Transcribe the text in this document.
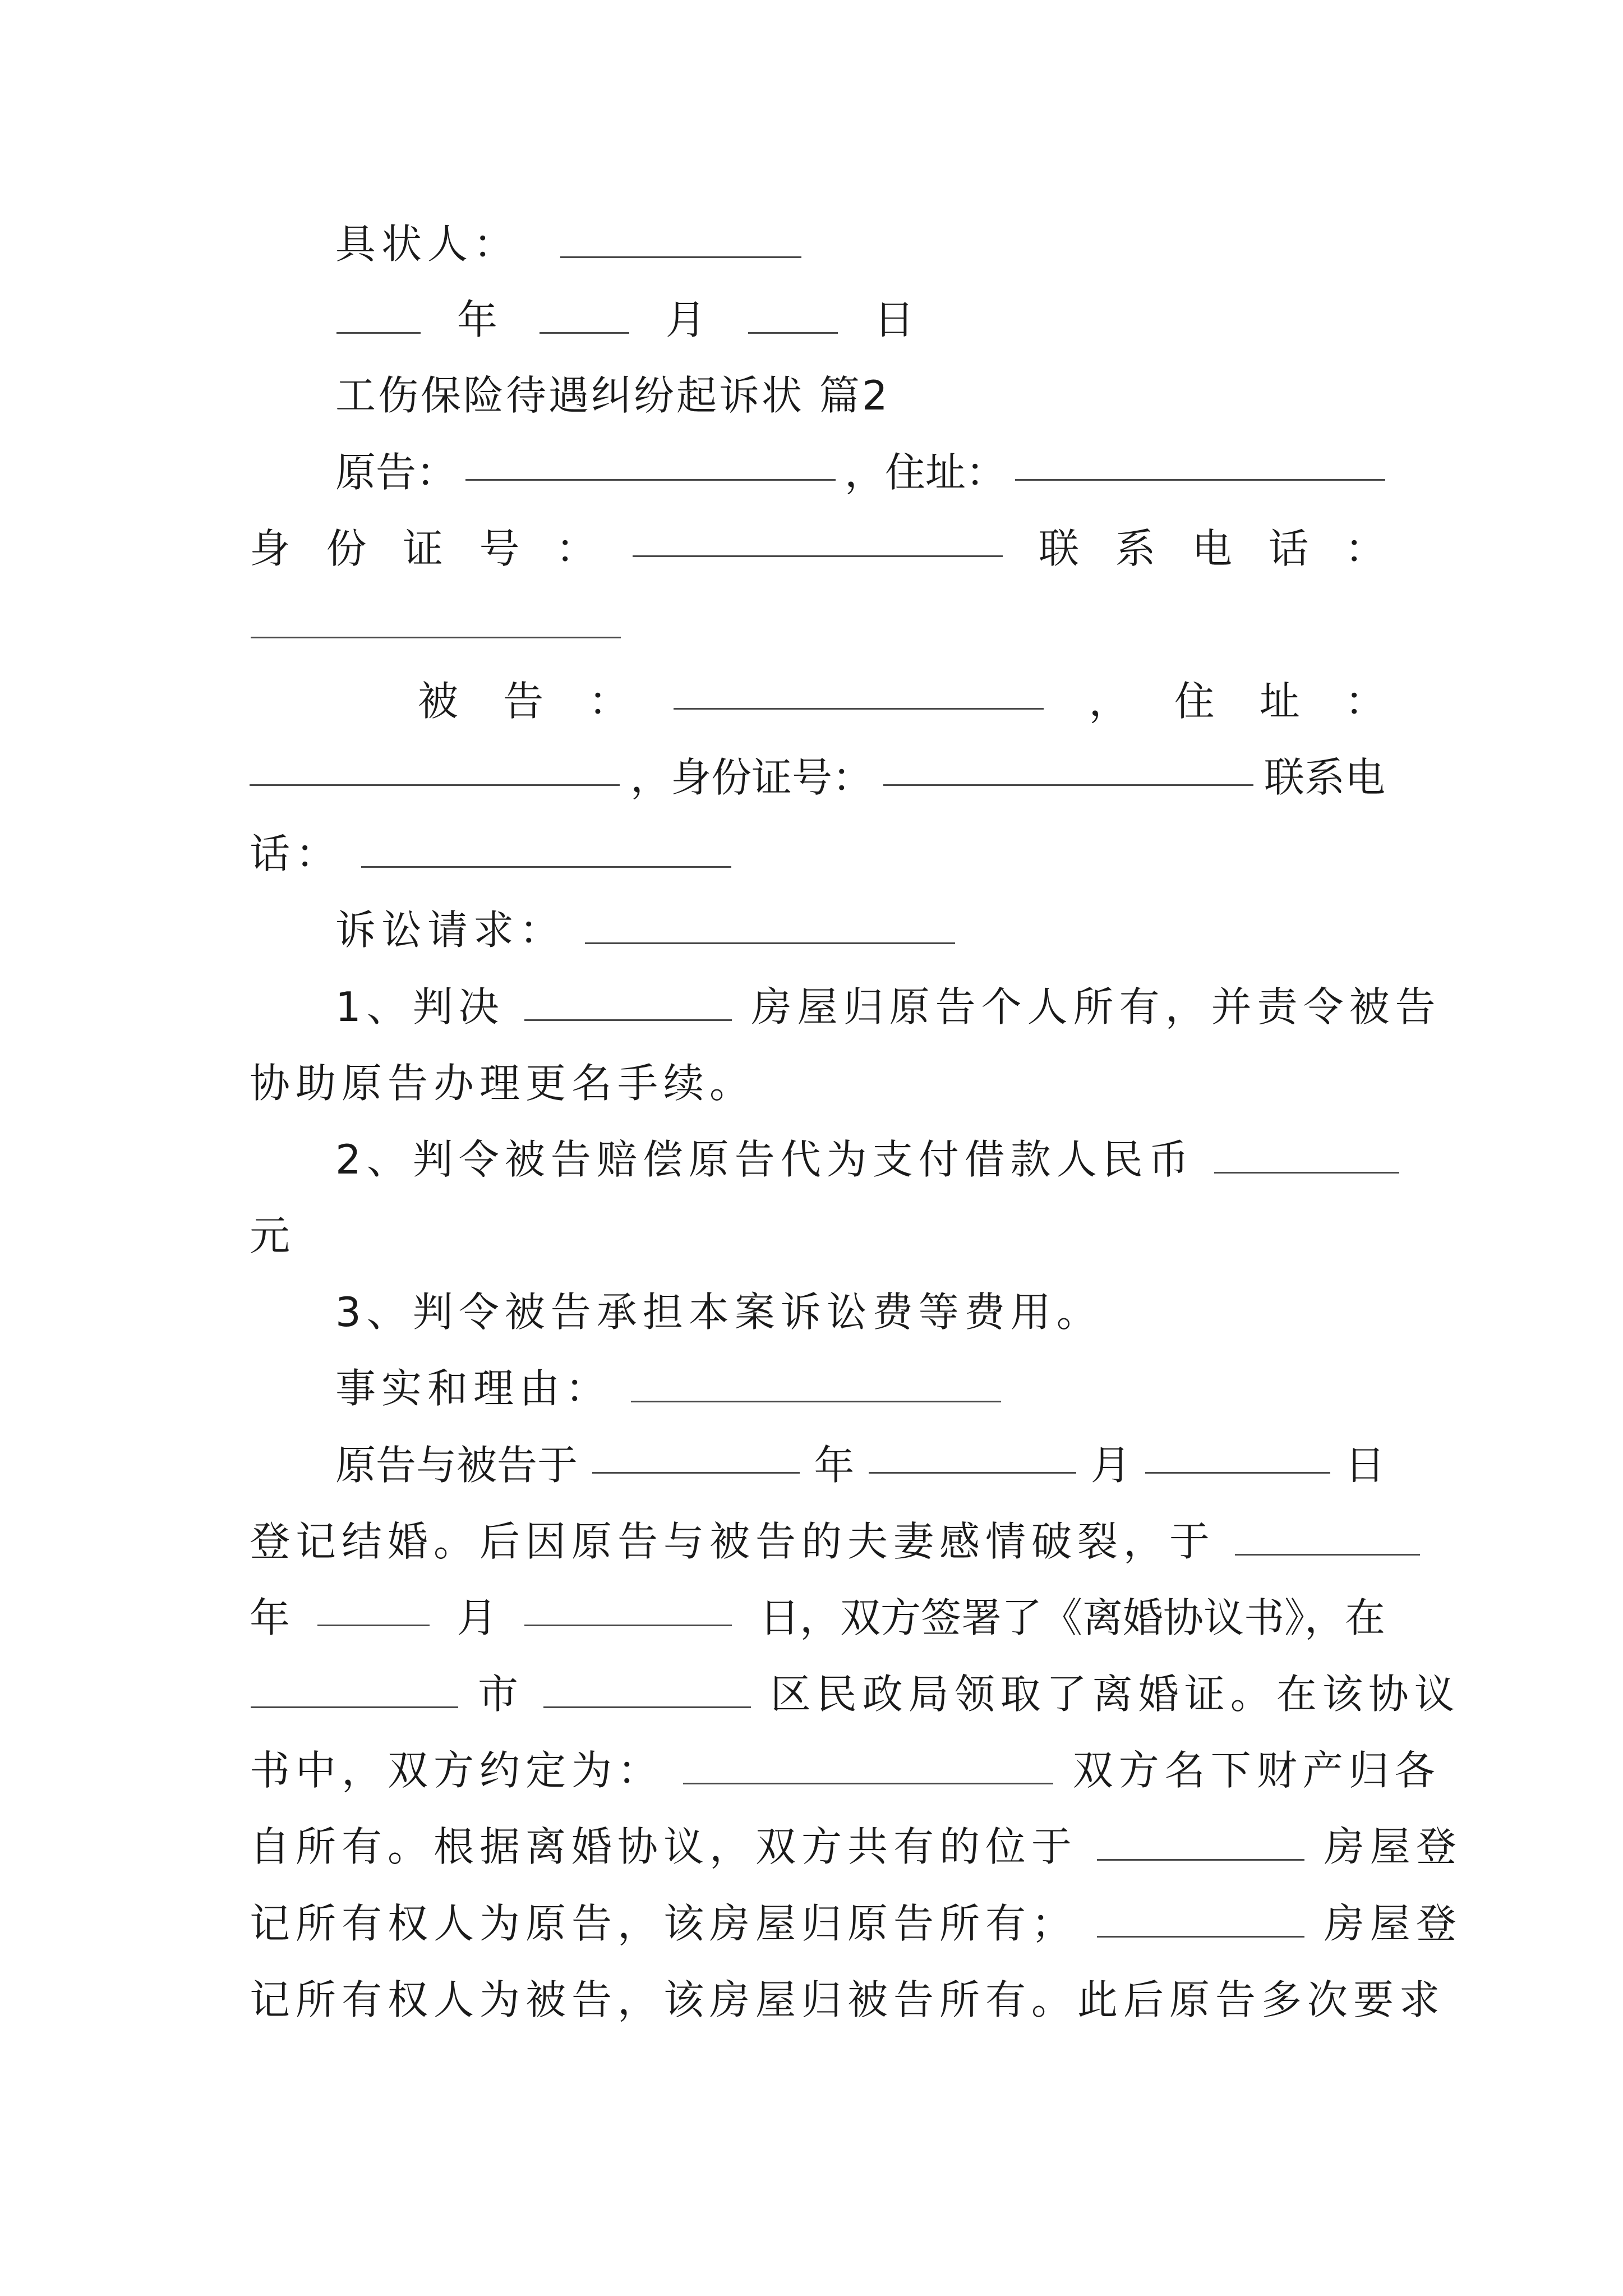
具状人：
年	月	日
工伤保险待遇纠纷起诉状 篇2
原告：	，住址：
身 份 证 号 ：	联 系 电 话 ：
被 告 ：	， 住 址 ：
，身份证号：	联系电
话：
诉讼请求：
1、判决	房屋归原告个人所有，并责令被告
协助原告办理更名手续。
2、判令被告赔偿原告代为支付借款人民币
元
3、判令被告承担本案诉讼费等费用。
事实和理由：
原告与被告于	年	月	日
登记结婚。后因原告与被告的夫妻感情破裂，于
年	月	日，双方签署了《离婚协议书》，在
市	区民政局领取了离婚证。在该协议
书中，双方约定为：	双方名下财产归各
自所有。根据离婚协议，双方共有的位于	房屋登
记所有权人为原告，该房屋归原告所有；	房屋登
记所有权人为被告，该房屋归被告所有。此后原告多次要求
